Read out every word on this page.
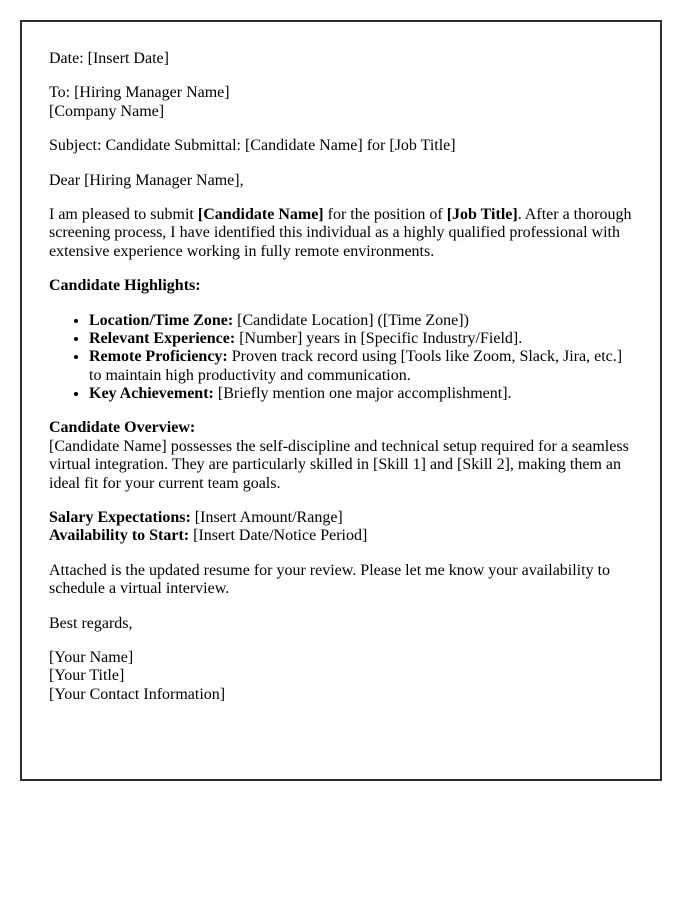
Date: [Insert Date]

To: [Hiring Manager Name]
[Company Name]

Subject: Candidate Submittal: [Candidate Name] for [Job Title]

Dear [Hiring Manager Name],

I am pleased to submit [Candidate Name] for the position of [Job Title]. After a thorough screening process, I have identified this individual as a highly qualified professional with extensive experience working in fully remote environments.

Candidate Highlights:

• Location/Time Zone: [Candidate Location] ([Time Zone])
• Relevant Experience: [Number] years in [Specific Industry/Field].
• Remote Proficiency: Proven track record using [Tools like Zoom, Slack, Jira, etc.] to maintain high productivity and communication.
• Key Achievement: [Briefly mention one major accomplishment].

Candidate Overview:
[Candidate Name] possesses the self-discipline and technical setup required for a seamless virtual integration. They are particularly skilled in [Skill 1] and [Skill 2], making them an ideal fit for your current team goals.

Salary Expectations: [Insert Amount/Range]
Availability to Start: [Insert Date/Notice Period]

Attached is the updated resume for your review. Please let me know your availability to schedule a virtual interview.

Best regards,

[Your Name]
[Your Title]
[Your Contact Information]
